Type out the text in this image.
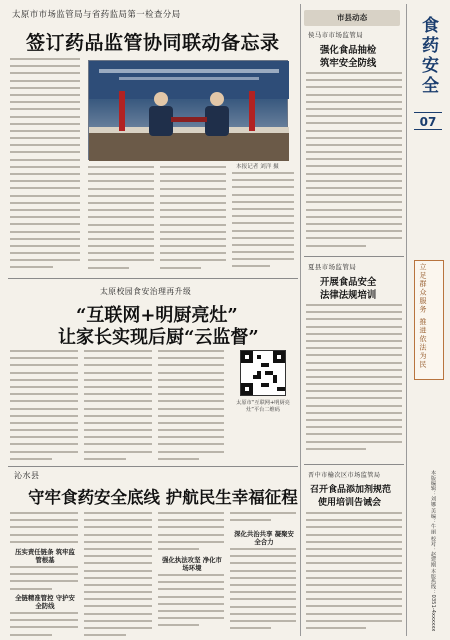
太原市市场监管局与省药监局第一检查分局
签订药品监管协同联动备忘录
本报记者 刘洋 摄
太原校园食安治理再升级
“互联网+明厨亮灶”
让家长实现后厨“云监督”
太原市“互联网+明厨亮灶”平台二维码
沁水县
守牢食药安全底线 护航民生幸福征程
压实责任链条 筑牢监管根基
全链精准管控 守护安全防线
强化执法攻坚 净化市场环境
深化共治共享 凝聚安全合力
市县动态
侯马市市场监管局
强化食品抽检
筑牢安全防线
夏县市场监管局
开展食品安全
法律法规培训
晋中市榆次区市场监管局
召开食品添加剂规范
使用培训告诫会
食药安全
07
立足群众服务 推进依法为民
本版编辑：刘娜 美编：牛丽 校对：赵建刚 本版热线：0351-4xxxxxx
